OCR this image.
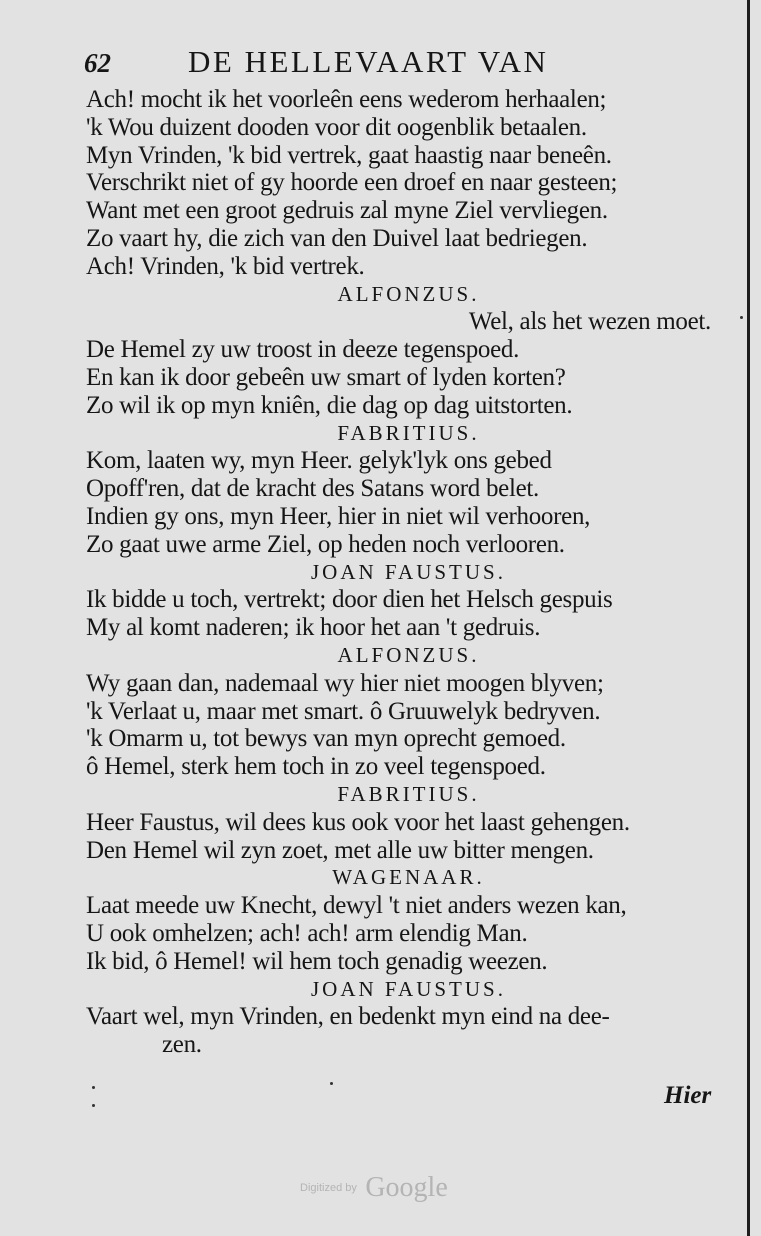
62 DE HELLEVAART VAN
Ach! mocht ik het voorleên eens wederom herhaalen;
'k Wou duizent dooden voor dit oogenblik betaalen.
Myn Vrinden, 'k bid vertrek, gaat haastig naar beneên.
Verschrikt niet of gy hoorde een droef en naar gesteen;
Want met een groot gedruis zal myne Ziel vervliegen.
Zo vaart hy, die zich van den Duivel laat bedriegen.
Ach! Vrinden, 'k bid vertrek.
ALFONZUS.
Wel, als het wezen moet.
De Hemel zy uw troost in deeze tegenspoed.
En kan ik door gebeên uw smart of lyden korten?
Zo wil ik op myn kniên, die dag op dag uitstorten.
FABRITIUS.
Kom, laaten wy, myn Heer. gelyk'lyk ons gebed
Opoff'ren, dat de kracht des Satans word belet.
Indien gy ons, myn Heer, hier in niet wil verhooren,
Zo gaat uwe arme Ziel, op heden noch verlooren.
JOAN FAUSTUS.
Ik bidde u toch, vertrekt; door dien het Helsch gespuis
My al komt naderen; ik hoor het aan 't gedruis.
ALFONZUS.
Wy gaan dan, nademaal wy hier niet moogen blyven;
'k Verlaat u, maar met smart. ô Gruuwelyk bedryven.
'k Omarm u, tot bewys van myn oprecht gemoed.
ô Hemel, sterk hem toch in zo veel tegenspoed.
FABRITIUS.
Heer Faustus, wil dees kus ook voor het laast gehengen.
Den Hemel wil zyn zoet, met alle uw bitter mengen.
WAGENAAR.
Laat meede uw Knecht, dewyl 't niet anders wezen kan,
U ook omhelzen; ach! ach! arm elendig Man.
Ik bid, ô Hemel! wil hem toch genadig weezen.
JOAN FAUSTUS.
Vaart wel, myn Vrinden, en bedenkt myn eind na dee-
zen.
Hier
Digitized by Google
